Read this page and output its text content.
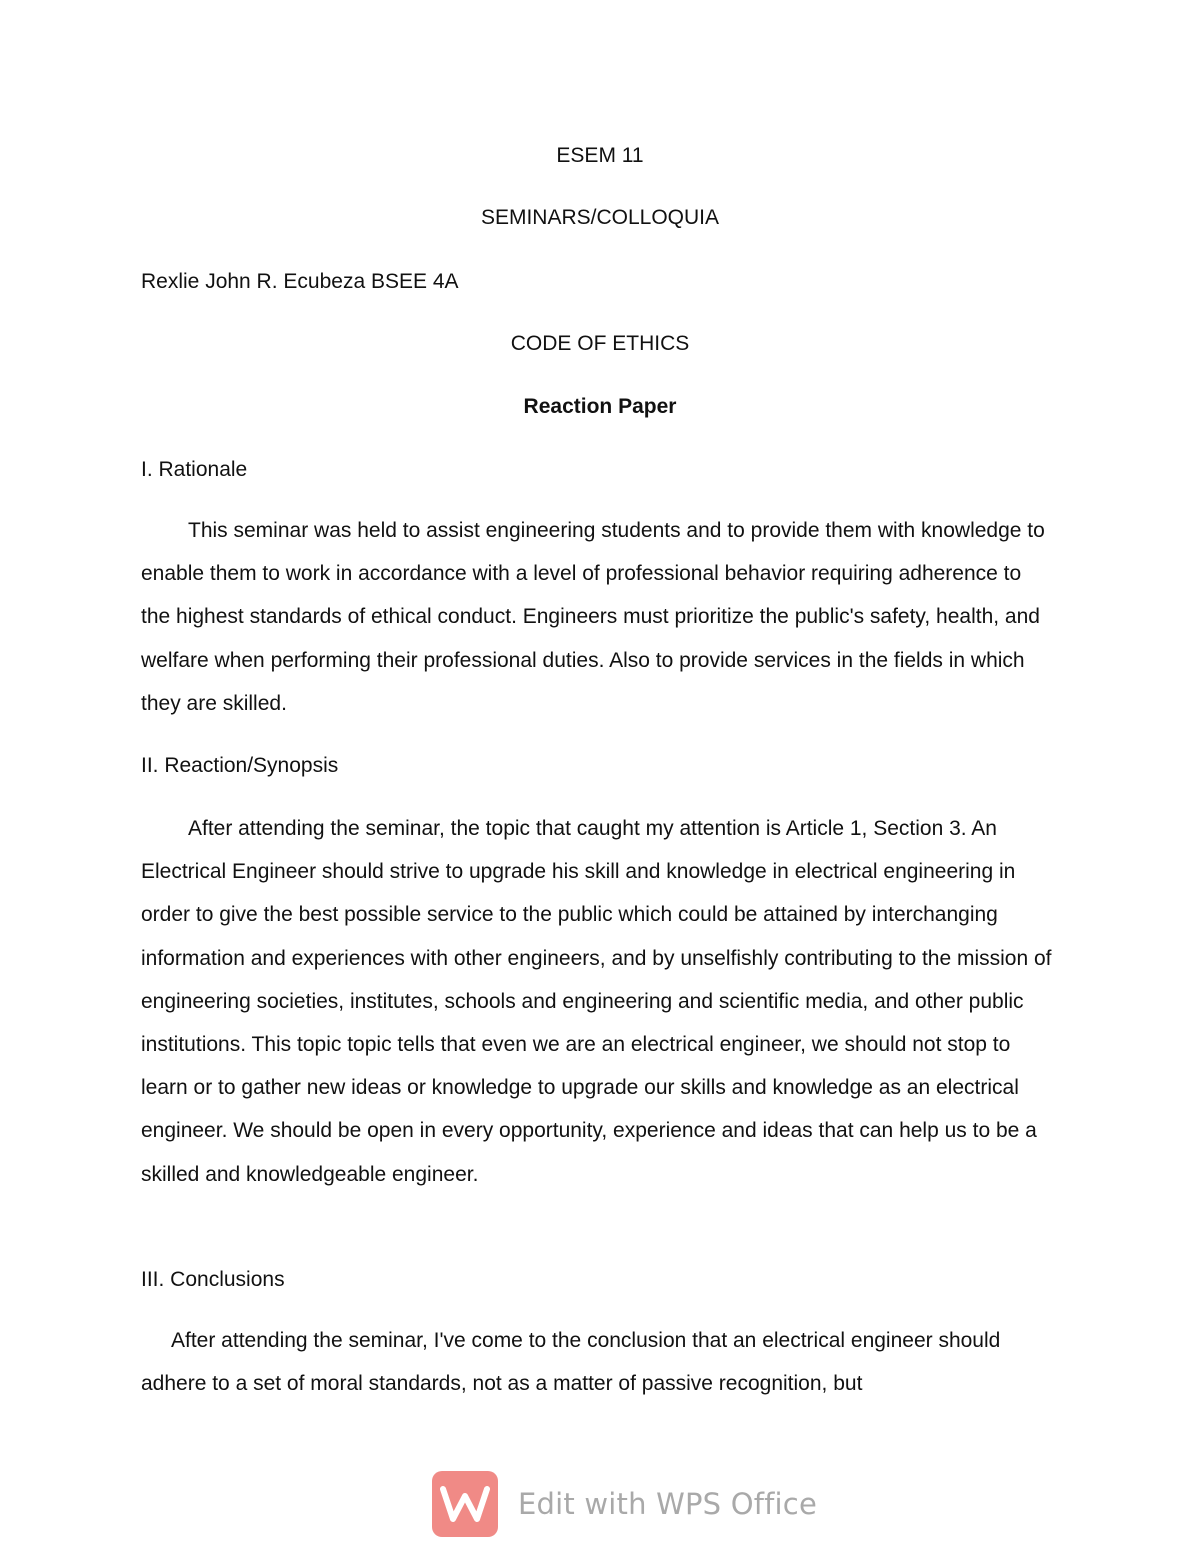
ESEM 11

SEMINARS/COLLOQUIA

Rexlie John R. Ecubeza BSEE 4A

CODE OF ETHICS

Reaction Paper

I. Rationale

This seminar was held to assist engineering students and to provide them with knowledge to enable them to work in accordance with a level of professional behavior requiring adherence to the highest standards of ethical conduct. Engineers must prioritize the public's safety, health, and welfare when performing their professional duties. Also to provide services in the fields in which they are skilled.

II. Reaction/Synopsis

After attending the seminar, the topic that caught my attention is Article 1, Section 3. An Electrical Engineer should strive to upgrade his skill and knowledge in electrical engineering in order to give the best possible service to the public which could be attained by interchanging information and experiences with other engineers, and by unselfishly contributing to the mission of engineering societies, institutes, schools and engineering and scientific media, and other public institutions. This topic topic tells that even we are an electrical engineer, we should not stop to learn or to gather new ideas or knowledge to upgrade our skills and knowledge as an electrical engineer. We should be open in every opportunity, experience and ideas that can help us to be a skilled and knowledgeable engineer.

III. Conclusions

After attending the seminar, I've come to the conclusion that an electrical engineer should adhere to a set of moral standards, not as a matter of passive recognition, but

Edit with WPS Office
